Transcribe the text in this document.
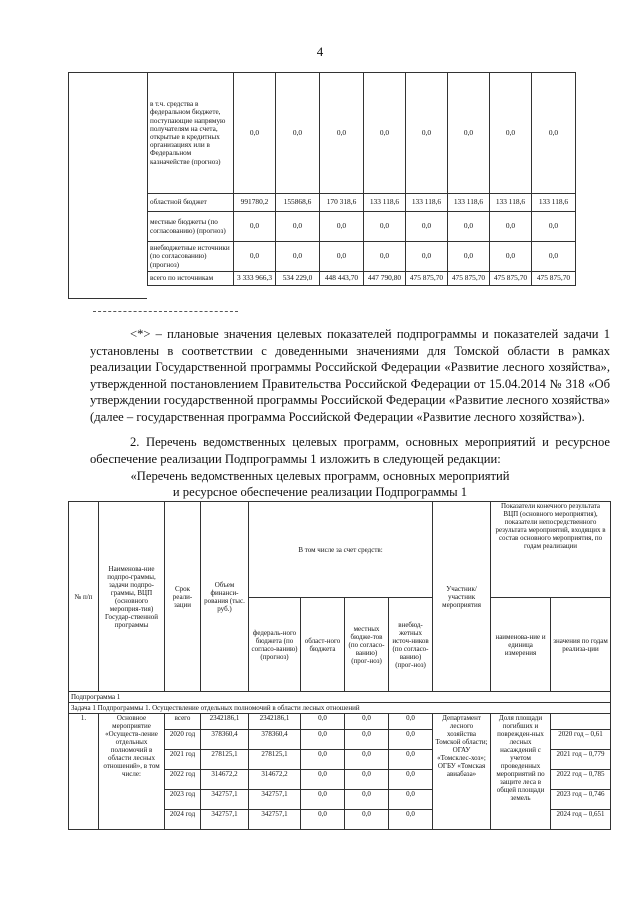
4
в т.ч. средства в федеральном бюджете, поступающие напрямую получателям на счета, открытые в кредитных организациях или в Федеральном казначействе (прогноз)	0,0	0,0	0,0	0,0	0,0	0,0	0,0	0,0
областной бюджет	991780,2	155868,6	170 318,6	133 118,6	133 118,6	133 118,6	133 118,6	133 118,6
местные бюджеты (по согласованию) (прогноз)	0,0	0,0	0,0	0,0	0,0	0,0	0,0	0,0
внебюджетные источники (по согласованию) (прогноз)	0,0	0,0	0,0	0,0	0,0	0,0	0,0	0,0
всего по источникам	3 333 966,3	534 229,0	448 443,70	447 790,80	475 875,70	475 875,70	475 875,70	475 875,70
<*> – плановые значения целевых показателей подпрограммы и показателей задачи 1 установлены в соответствии с доведенными значениями для Томской области в рамках реализации Государственной программы Российской Федерации «Развитие лесного хозяйства», утвержденной постановлением Правительства Российской Федерации от 15.04.2014 № 318 «Об утверждении государственной программы Российской Федерации «Развитие лесного хозяйства» (далее – государственная программа Российской Федерации «Развитие лесного хозяйства»).
2. Перечень ведомственных целевых программ, основных мероприятий и ресурсное обеспечение реализации Подпрограммы 1 изложить в следующей редакции:
«Перечень ведомственных целевых программ, основных мероприятий
и ресурсное обеспечение реализации Подпрограммы 1
№ п/п	Наименова-ние подпро-граммы, задачи подпро-граммы, ВЦП (основного мероприя-тия) Государ-ственной программы	Срок реали-зации	Объем финанси-рования (тыс. руб.)	В том числе за счет средств:				Участник/ участник мероприятия	Показатели конечного результата ВЦП (основного мероприятия), показатели непосредственного результата мероприятий, входящих в состав основного мероприятия, по годам реализации	
				федераль-ного бюджета (по согласо-ванию) (прогноз)	област-ного бюджета	местных бюдже-тов (по согласо-ванию) (прог-ноз)	внебюд-жетных источ-ников (по согласо-ванию) (прог-ноз)		наименова-ние и единица измерения	значения по годам реализа-ции
Подпрограмма 1										
Задача 1 Подпрограммы 1. Осуществление отдельных полномочий в области лесных отношений										
1.	Основное мероприятие «Осуществ-ление отдельных полномочий в области лесных отношений», в том числе:	всего	2342186,1	2342186,1	0,0	0,0	0,0	Департамент лесного хозяйства Томской области; ОГАУ «Томсклес-хоз»; ОГБУ «Томская авиабаза»	Доля площади погибших и поврежден-ных лесных насаждений с учетом проведенных мероприятий по защите леса в общей площади земель	
		2020 год	378360,4	378360,4	0,0	0,0	0,0			2020 год – 0,61
		2021 год	278125,1	278125,1	0,0	0,0	0,0			2021 год – 0,779
		2022 год	314672,2	314672,2	0,0	0,0	0,0			2022 год – 0,785
		2023 год	342757,1	342757,1	0,0	0,0	0,0			2023 год – 0,746
		2024 год	342757,1	342757,1	0,0	0,0	0,0			2024 год – 0,651
